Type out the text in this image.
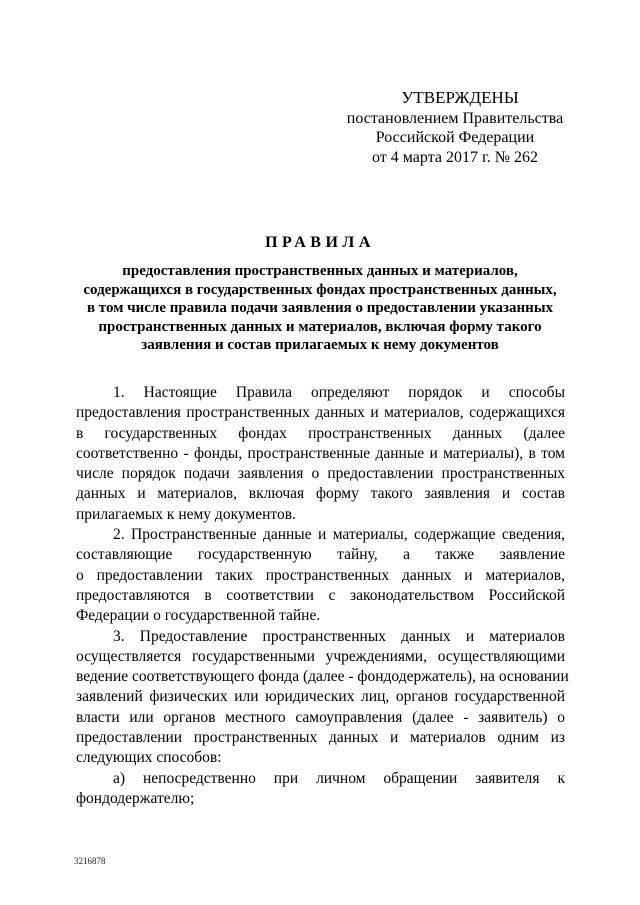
УТВЕРЖДЕНЫ
постановлением Правительства
Российской Федерации
от 4 марта 2017 г. № 262
ПРАВИЛА
предоставления пространственных данных и материалов,
содержащихся в государственных фондах пространственных данных,
в том числе правила подачи заявления о предоставлении указанных
пространственных данных и материалов, включая форму такого
заявления и состав прилагаемых к нему документов
1. Настоящие Правила определяют порядок и способы
предоставления пространственных данных и материалов, содержащихся
в государственных фондах пространственных данных (далее
соответственно - фонды, пространственные данные и материалы), в том
числе порядок подачи заявления о предоставлении пространственных
данных и материалов, включая форму такого заявления и состав
прилагаемых к нему документов.
2. Пространственные данные и материалы, содержащие сведения,
составляющие государственную тайну, а также заявление
о предоставлении таких пространственных данных и материалов,
предоставляются в соответствии с законодательством Российской
Федерации о государственной тайне.
3. Предоставление пространственных данных и материалов
осуществляется государственными учреждениями, осуществляющими
ведение соответствующего фонда (далее - фондодержатель), на основании
заявлений физических или юридических лиц, органов государственной
власти или органов местного самоуправления (далее - заявитель) о
предоставлении пространственных данных и материалов одним из
следующих способов:
а) непосредственно при личном обращении заявителя к
фондодержателю;
3216878
